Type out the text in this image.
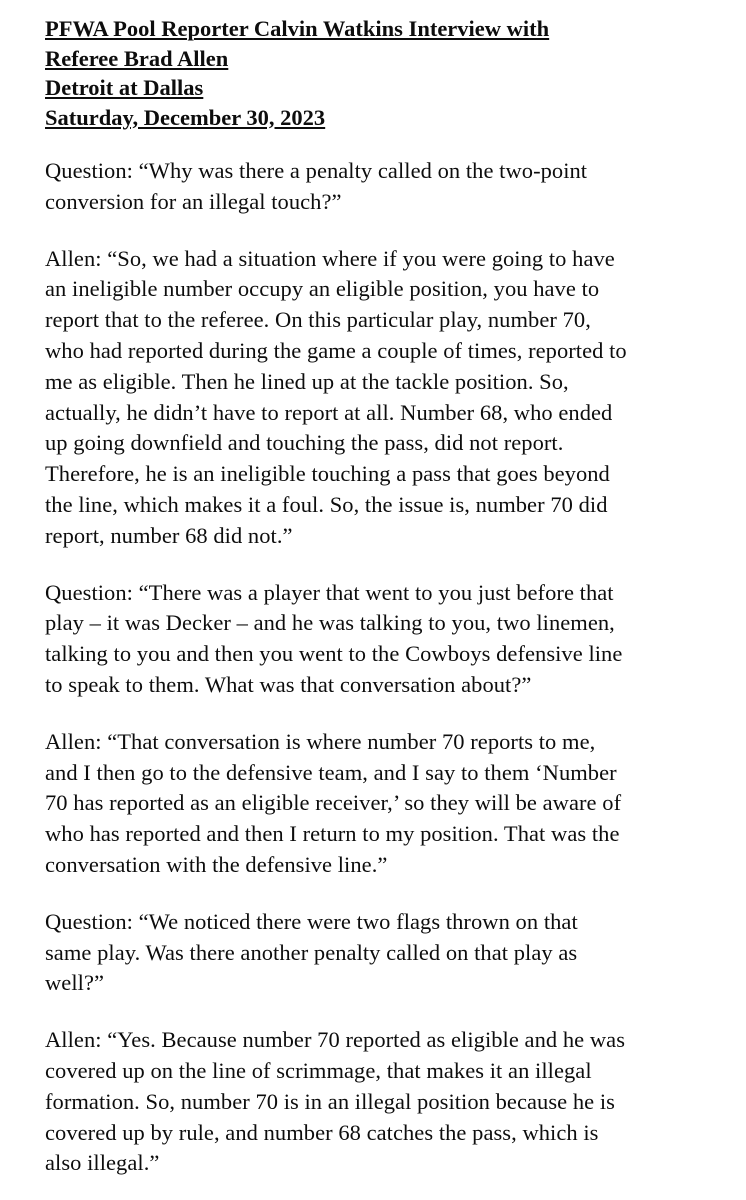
PFWA Pool Reporter Calvin Watkins Interview with
Referee Brad Allen
Detroit at Dallas
Saturday, December 30, 2023

Question: “Why was there a penalty called on the two-point
conversion for an illegal touch?”

Allen: “So, we had a situation where if you were going to have
an ineligible number occupy an eligible position, you have to
report that to the referee. On this particular play, number 70,
who had reported during the game a couple of times, reported to
me as eligible. Then he lined up at the tackle position. So,
actually, he didn’t have to report at all. Number 68, who ended
up going downfield and touching the pass, did not report.
Therefore, he is an ineligible touching a pass that goes beyond
the line, which makes it a foul. So, the issue is, number 70 did
report, number 68 did not.”

Question: “There was a player that went to you just before that
play – it was Decker – and he was talking to you, two linemen,
talking to you and then you went to the Cowboys defensive line
to speak to them. What was that conversation about?”

Allen: “That conversation is where number 70 reports to me,
and I then go to the defensive team, and I say to them ‘Number
70 has reported as an eligible receiver,’ so they will be aware of
who has reported and then I return to my position. That was the
conversation with the defensive line.”

Question: “We noticed there were two flags thrown on that
same play. Was there another penalty called on that play as
well?”

Allen: “Yes. Because number 70 reported as eligible and he was
covered up on the line of scrimmage, that makes it an illegal
formation. So, number 70 is in an illegal position because he is
covered up by rule, and number 68 catches the pass, which is
also illegal.”
